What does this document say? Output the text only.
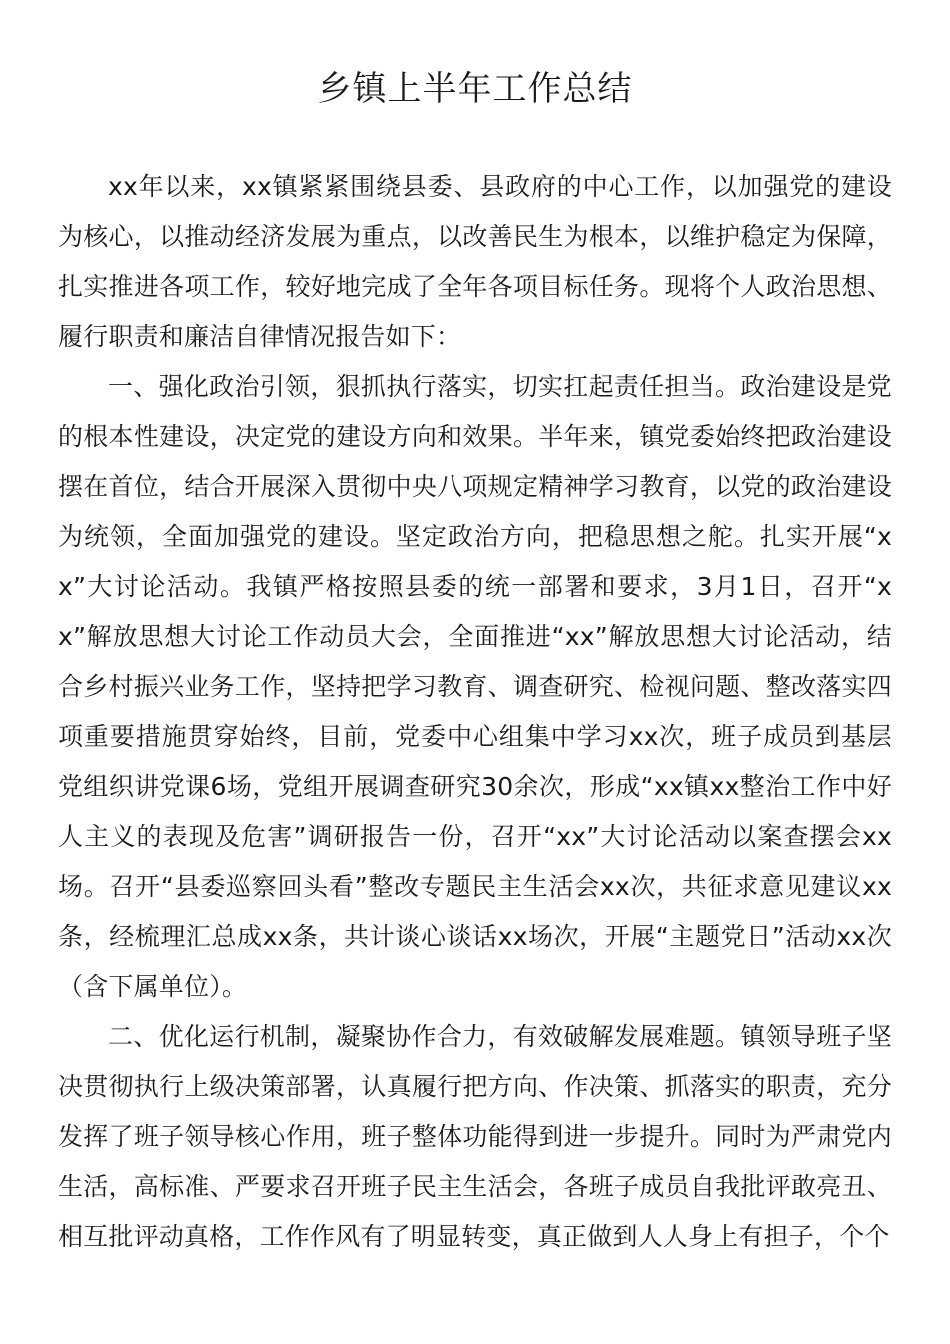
乡镇上半年工作总结

xx年以来，xx镇紧紧围绕县委、县政府的中心工作，以加强党的建设为核心，以推动经济发展为重点，以改善民生为根本，以维护稳定为保障，扎实推进各项工作，较好地完成了全年各项目标任务。现将个人政治思想、履行职责和廉洁自律情况报告如下：

一、强化政治引领，狠抓执行落实，切实扛起责任担当。政治建设是党的根本性建设，决定党的建设方向和效果。半年来，镇党委始终把政治建设摆在首位，结合开展深入贯彻中央八项规定精神学习教育，以党的政治建设为统领，全面加强党的建设。坚定政治方向，把稳思想之舵。扎实开展“xx”大讨论活动。我镇严格按照县委的统一部署和要求，3月1日，召开“xx”解放思想大讨论工作动员大会，全面推进“xx”解放思想大讨论活动，结合乡村振兴业务工作，坚持把学习教育、调查研究、检视问题、整改落实四项重要措施贯穿始终，目前，党委中心组集中学习xx次，班子成员到基层党组织讲党课6场，党组开展调查研究30余次，形成“xx镇xx整治工作中好人主义的表现及危害”调研报告一份，召开“xx”大讨论活动以案查摆会xx场。召开“县委巡察回头看”整改专题民主生活会xx次，共征求意见建议xx条，经梳理汇总成xx条，共计谈心谈话xx场次，开展“主题党日”活动xx次（含下属单位）。

二、优化运行机制，凝聚协作合力，有效破解发展难题。镇领导班子坚决贯彻执行上级决策部署，认真履行把方向、作决策、抓落实的职责，充分发挥了班子领导核心作用，班子整体功能得到进一步提升。同时为严肃党内生活，高标准、严要求召开班子民主生活会，各班子成员自我批评敢亮丑、相互批评动真格，工作作风有了明显转变，真正做到人人身上有担子，个个
